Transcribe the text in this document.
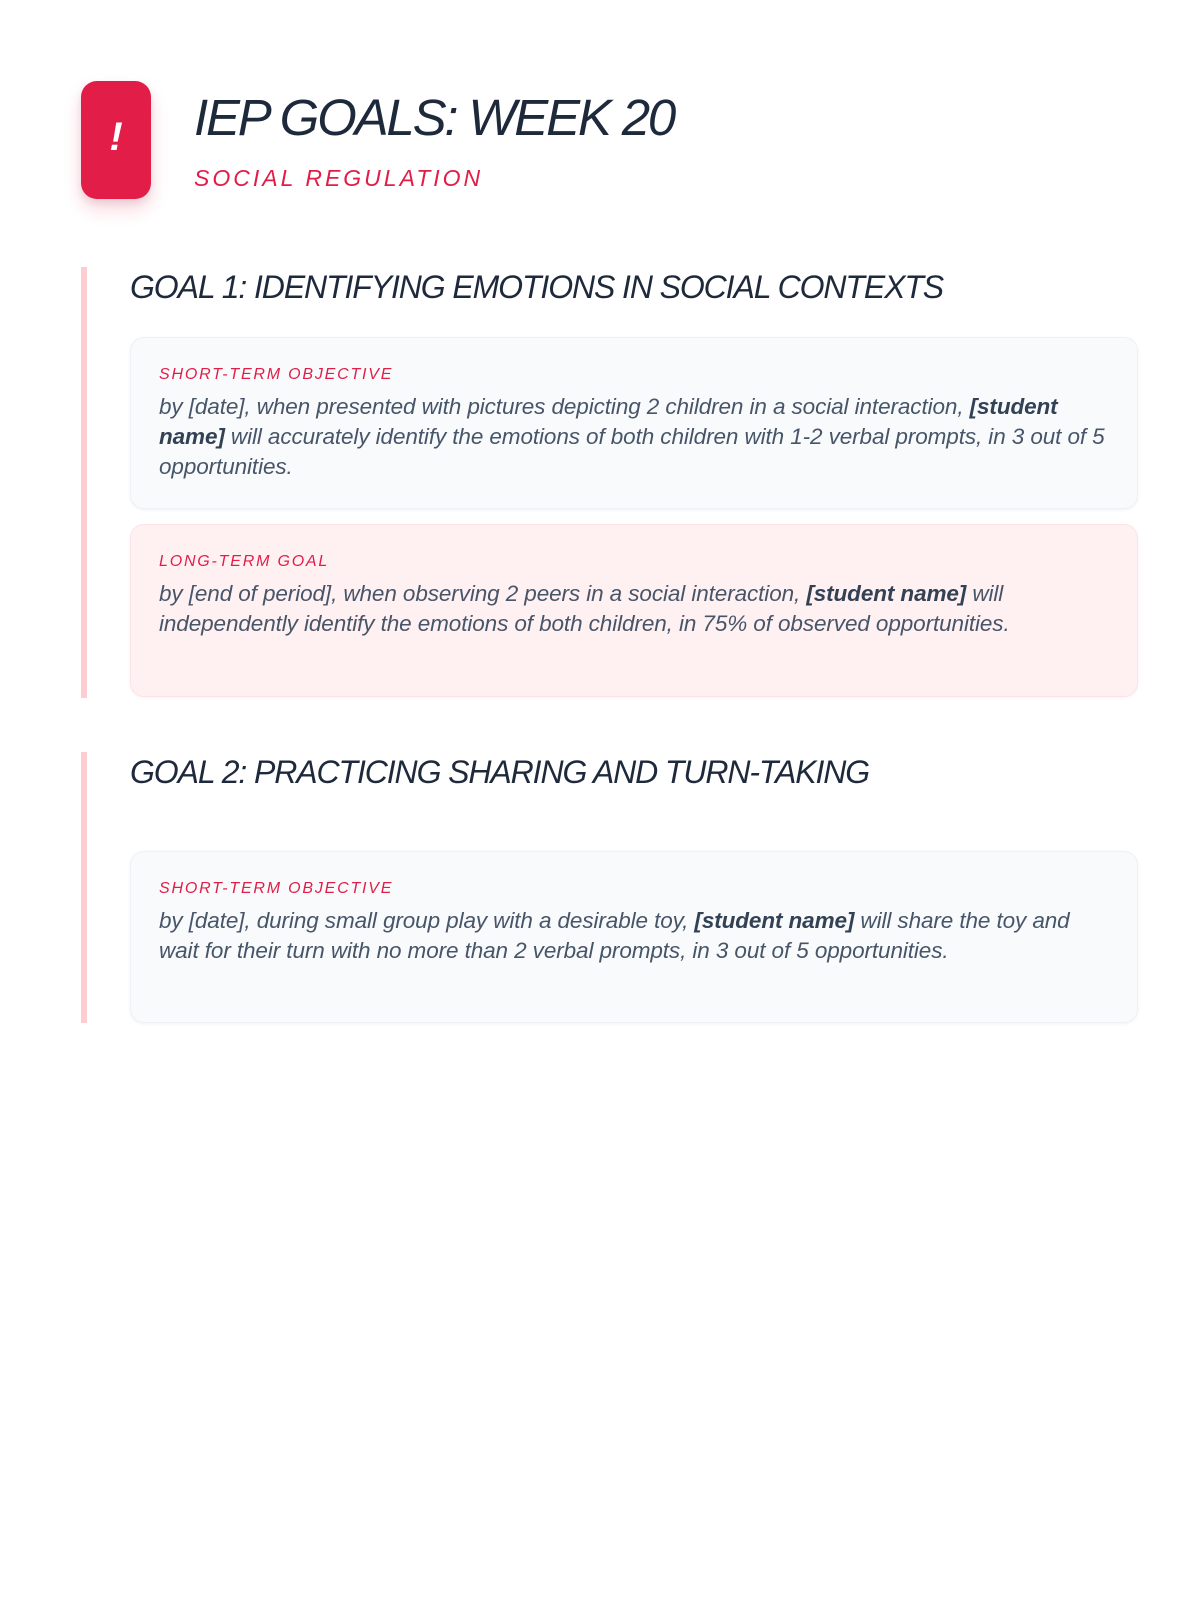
! IEP GOALS: WEEK 20
SOCIAL REGULATION
GOAL 1: IDENTIFYING EMOTIONS IN SOCIAL CONTEXTS
SHORT-TERM OBJECTIVE

by [date], when presented with pictures depicting 2 children in a social interaction, [student name] will accurately identify the emotions of both children with 1-2 verbal prompts, in 3 out of 5 opportunities.

LONG-TERM GOAL

by [end of period], when observing 2 peers in a social interaction, [student name] will independently identify the emotions of both children, in 75% of observed opportunities.

GOAL 2: PRACTICING SHARING AND TURN-TAKING
SHORT-TERM OBJECTIVE

by [date], during small group play with a desirable toy, [student name] will share the toy and wait for their turn with no more than 2 verbal prompts, in 3 out of 5 opportunities.
